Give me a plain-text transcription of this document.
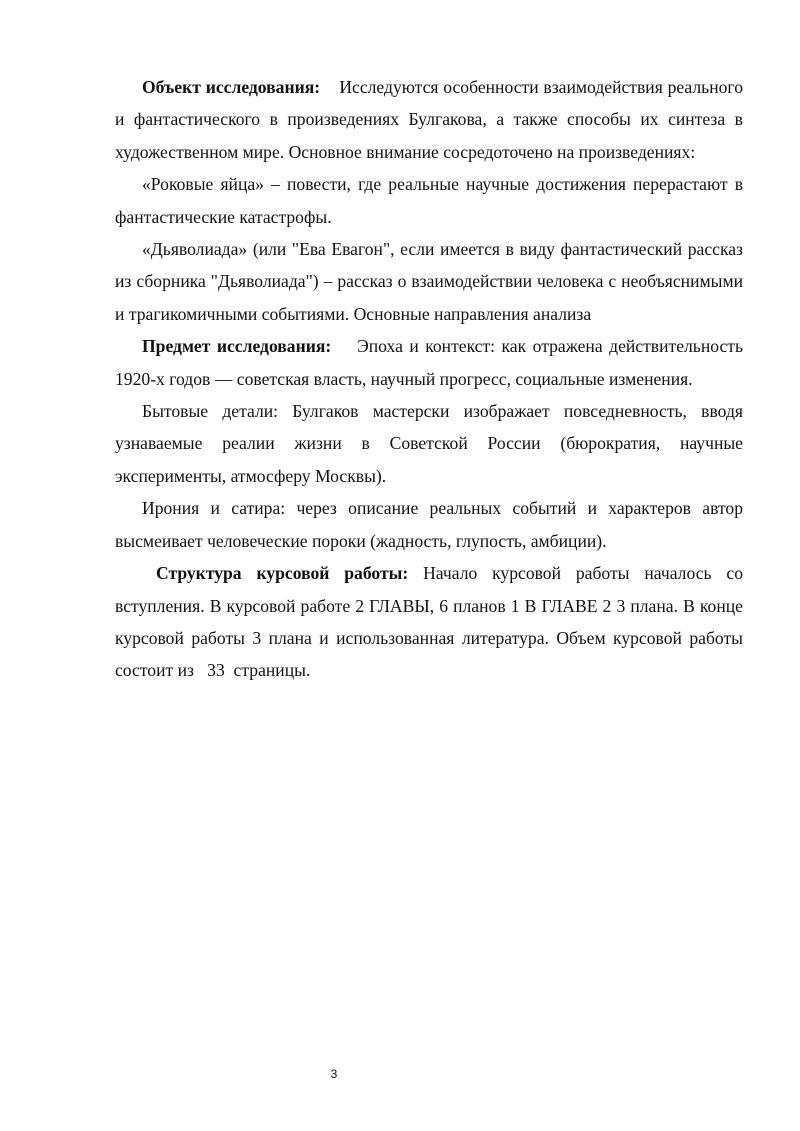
Объект исследования:    Исследуются особенности взаимодействия реального и фантастического в произведениях Булгакова, а также способы их синтеза в художественном мире. Основное внимание сосредоточено на произведениях:

«Роковые яйца» – повести, где реальные научные достижения перерастают в фантастические катастрофы.

«Дьяволиада» (или "Ева Евагон", если имеется в виду фантастический рассказ из сборника "Дьяволиада") – рассказ о взаимодействии человека с необъяснимыми и трагикомичными событиями. Основные направления анализа

Предмет исследования:    Эпоха и контекст: как отражена действительность 1920-х годов — советская власть, научный прогресс, социальные изменения.

Бытовые детали: Булгаков мастерски изображает повседневность, вводя узнаваемые реалии жизни в Советской России (бюрократия, научные эксперименты, атмосферу Москвы).

Ирония и сатира: через описание реальных событий и характеров автор высмеивает человеческие пороки (жадность, глупость, амбиции).

Структура курсовой работы: Начало курсовой работы началось со вступления. В курсовой работе 2 ГЛАВЫ, 6 планов 1 В ГЛАВЕ 2 3 плана. В конце курсовой работы 3 плана и использованная литература. Объем курсовой работы состоит из   33  страницы.

3
